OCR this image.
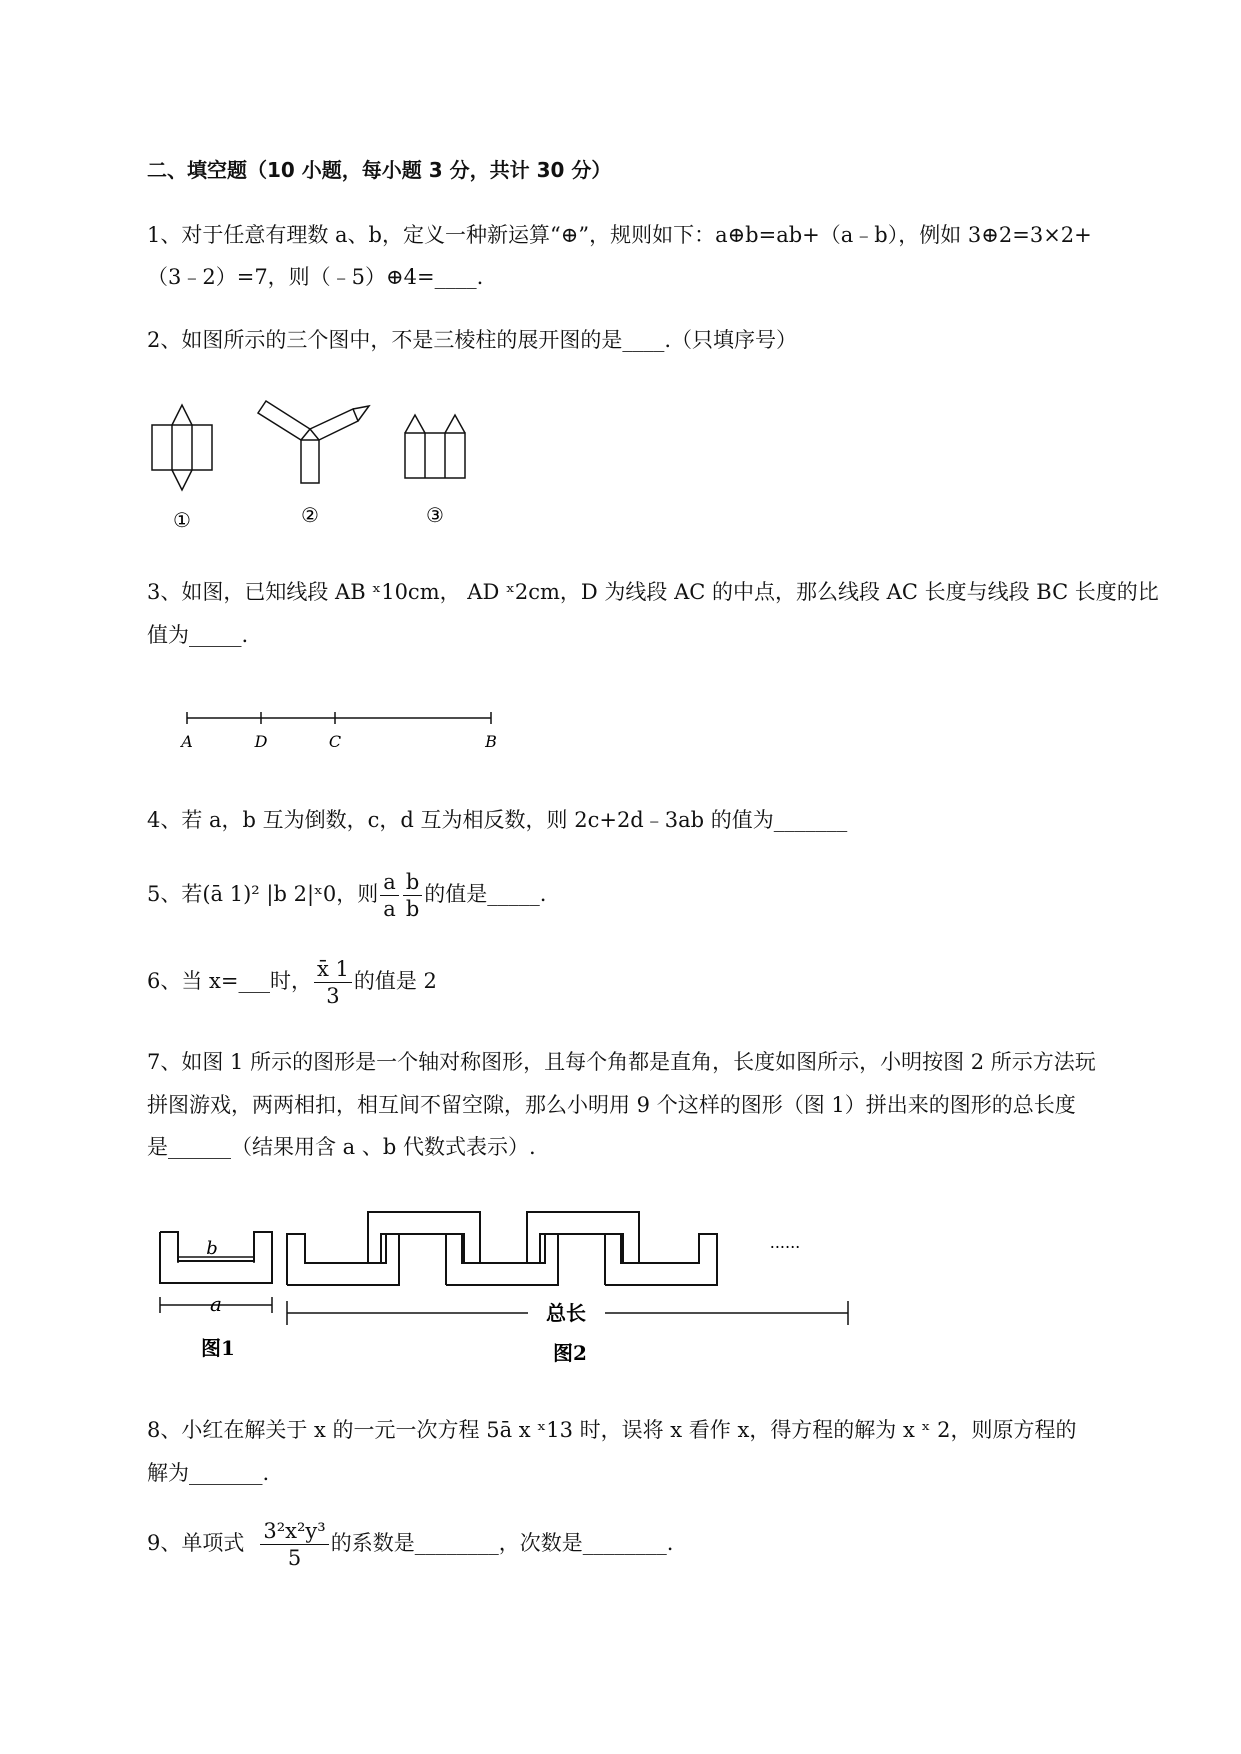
二、填空题（10 小题，每小题 3 分，共计 30 分）
1、对于任意有理数 a、b，定义一种新运算“⊕”，规则如下：a⊕b=ab+（a﹣b），例如 3⊕2=3×2+
（3﹣2）=7，则（﹣5）⊕4=____.
2、如图所示的三个图中，不是三棱柱的展开图的是____.（只填序号）
①	②	③
3、如图，已知线段 AB ˣ10cm， AD ˣ2cm，D 为线段 AC 的中点，那么线段 AC 长度与线段 BC 长度的比
值为_____.
A	D	C	B
4、若 a，b 互为倒数，c，d 互为相反数，则 2c+2d﹣3ab 的值为_______
5、若(ā 1)² |b 2|ˣ0，则 $\frac{a}{a} \frac{b}{b}$ 的值是_____.
6、当 x=___时， $\frac{x̄ 1}{3}$ 的值是 2
7、如图 1 所示的图形是一个轴对称图形，且每个角都是直角，长度如图所示，小明按图 2 所示方法玩
拼图游戏，两两相扣，相互间不留空隙，那么小明用 9 个这样的图形（图 1）拼出来的图形的总长度
是______（结果用含 a 、b 代数式表示）.
b
a	总长
图1	图2
......
8、小红在解关于 x 的一元一次方程 5ā x ˣ13 时，误将 x 看作 x，得方程的解为 x ˣ 2，则原方程的
解为_______.
9、单项式 $\frac{\text{3²x²y³}}{5}$ 的系数是________，次数是________.
